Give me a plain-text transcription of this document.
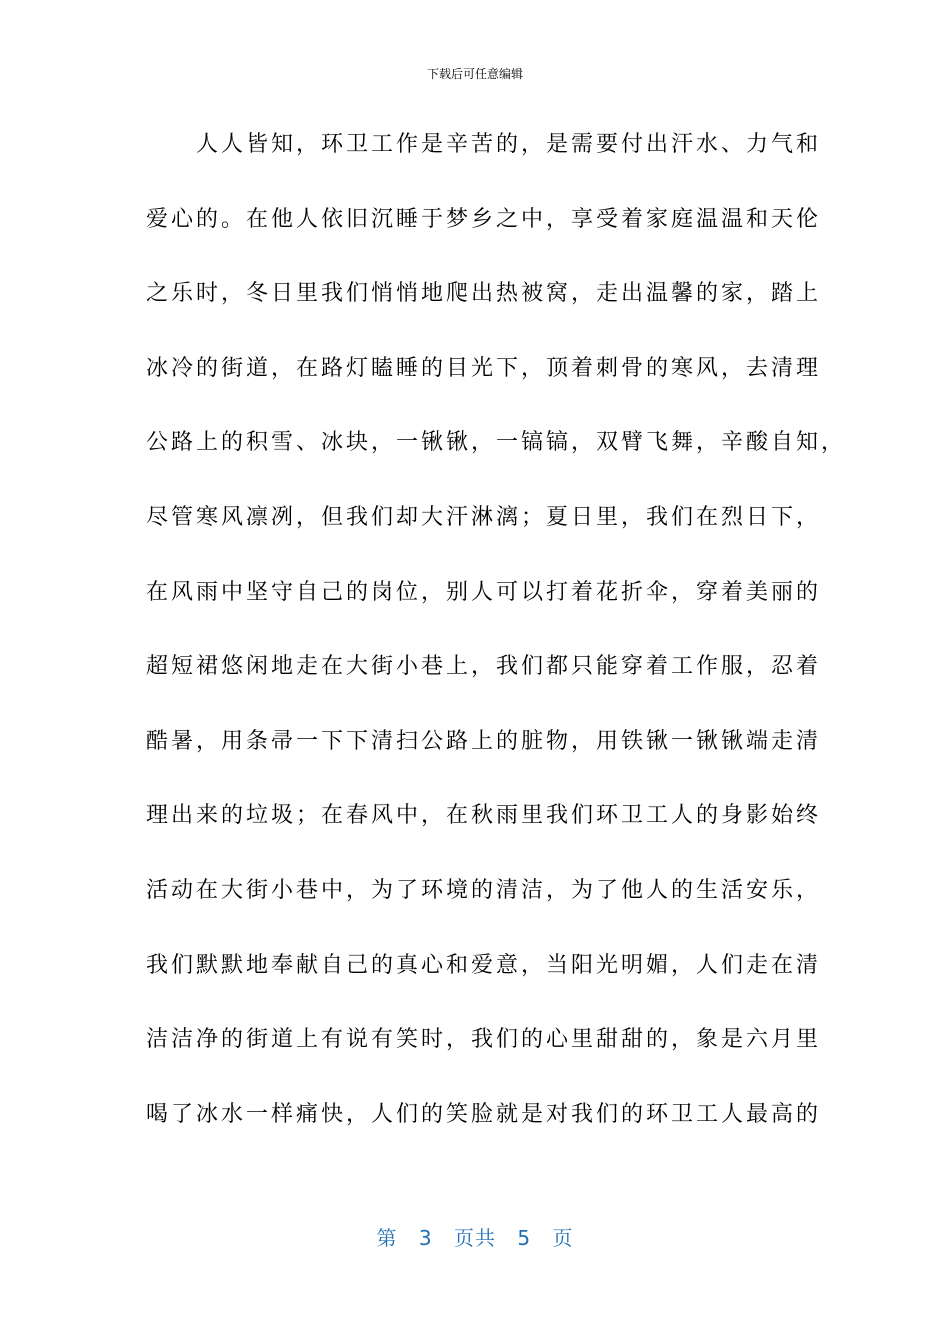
下载后可任意编辑
　　人人皆知，环卫工作是辛苦的，是需要付出汗水、力气和
爱心的。在他人依旧沉睡于梦乡之中，享受着家庭温温和天伦
之乐时，冬日里我们悄悄地爬出热被窝，走出温馨的家，踏上
冰冷的街道，在路灯瞌睡的目光下，顶着刺骨的寒风，去清理
公路上的积雪、冰块，一锹锹，一镐镐，双臂飞舞，辛酸自知，
尽管寒风凛冽，但我们却大汗淋漓；夏日里，我们在烈日下，
在风雨中坚守自己的岗位，别人可以打着花折伞，穿着美丽的
超短裙悠闲地走在大街小巷上，我们都只能穿着工作服，忍着
酷暑，用条帚一下下清扫公路上的脏物，用铁锹一锹锹端走清
理出来的垃圾；在春风中，在秋雨里我们环卫工人的身影始终
活动在大街小巷中，为了环境的清洁，为了他人的生活安乐，
我们默默地奉献自己的真心和爱意，当阳光明媚，人们走在清
洁洁净的街道上有说有笑时，我们的心里甜甜的，象是六月里
喝了冰水一样痛快，人们的笑脸就是对我们的环卫工人最高的
第 3 页共 5 页
